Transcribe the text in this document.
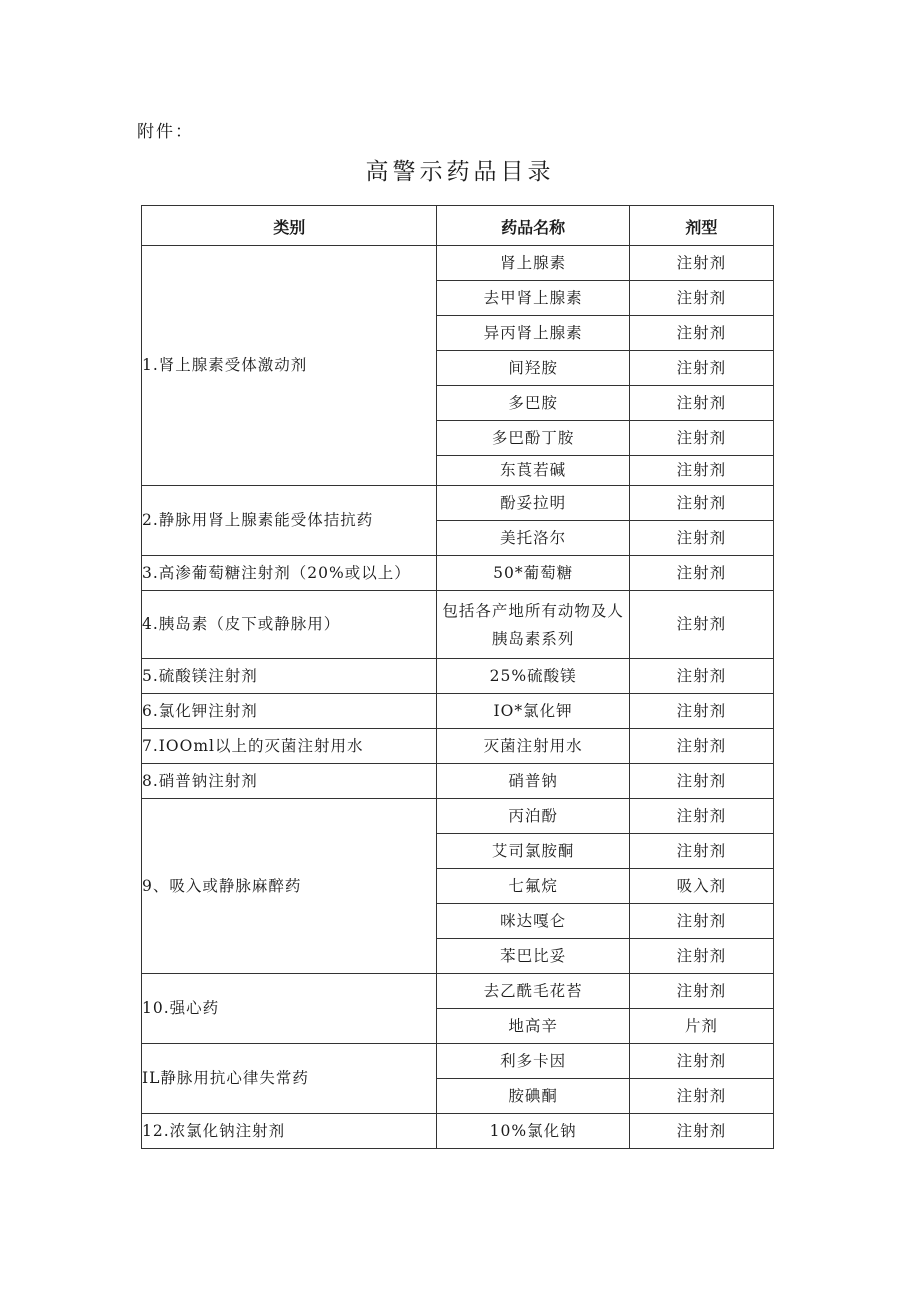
附件：
高警示药品目录
类别	药品名称	剂型
1.肾上腺素受体激动剂	肾上腺素	注射剂
	去甲肾上腺素	注射剂
	异丙肾上腺素	注射剂
	间羟胺	注射剂
	多巴胺	注射剂
	多巴酚丁胺	注射剂
	东莨若碱	注射剂
2.静脉用肾上腺素能受体拮抗药	酚妥拉明	注射剂
	美托洛尔	注射剂
3.高渗葡萄糖注射剂（20%或以上）	50*葡萄糖	注射剂
4.胰岛素（皮下或静脉用）	包括各产地所有动物及人胰岛素系列	注射剂
5.硫酸镁注射剂	25%硫酸镁	注射剂
6.氯化钾注射剂	IO*氯化钾	注射剂
7.IOOml以上的灭菌注射用水	灭菌注射用水	注射剂
8.硝普钠注射剂	硝普钠	注射剂
9、吸入或静脉麻醉药	丙泊酚	注射剂
	艾司氯胺酮	注射剂
	七氟烷	吸入剂
	咪达嘎仑	注射剂
	苯巴比妥	注射剂
10.强心药	去乙酰毛花苔	注射剂
	地高辛	片剂
IL静脉用抗心律失常药	利多卡因	注射剂
	胺碘酮	注射剂
12.浓氯化钠注射剂	10%氯化钠	注射剂
